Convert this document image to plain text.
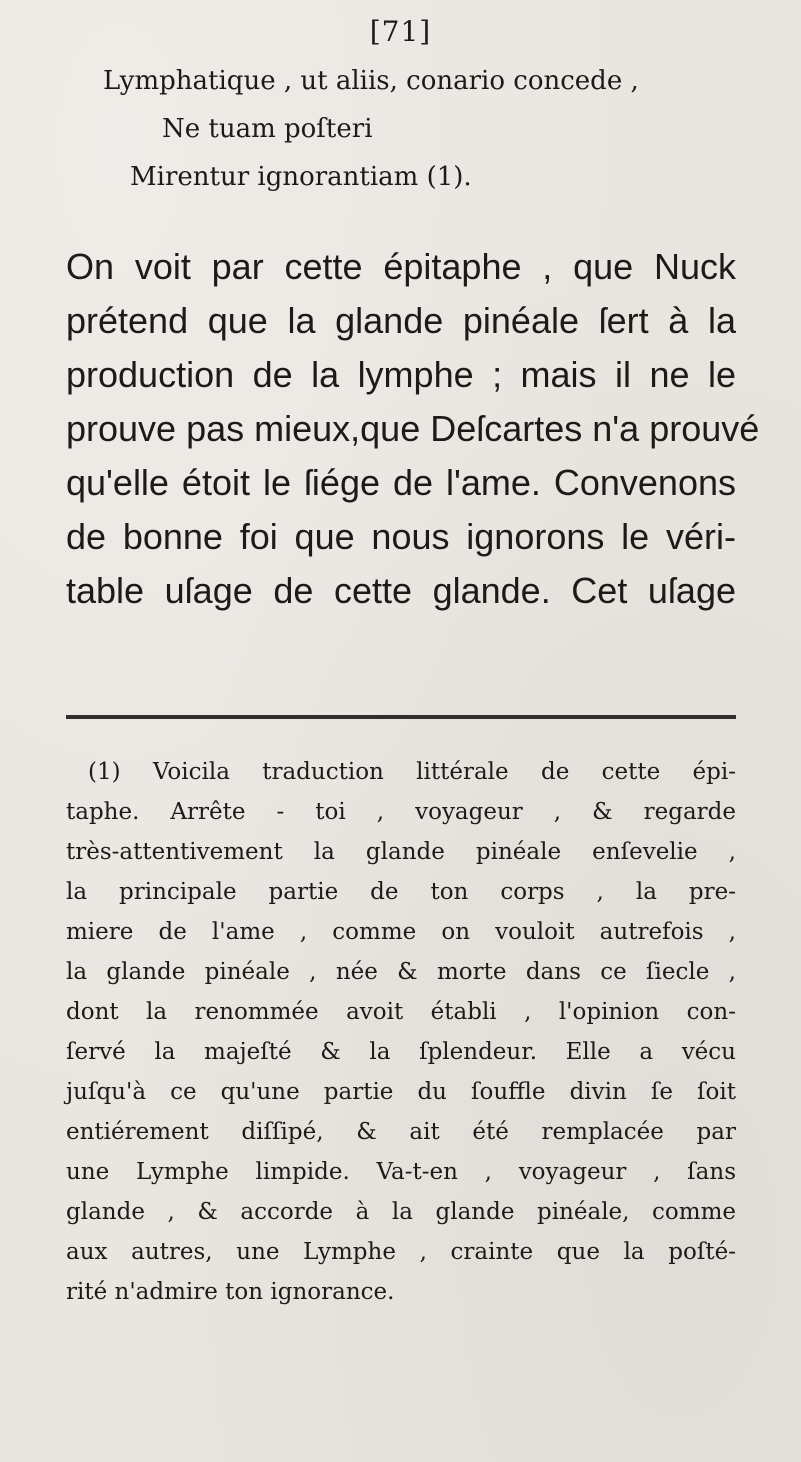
[71]
Lymphatique , ut aliis, conario concede ,
Ne tuam poſteri
Mirentur ignorantiam (1).
On voit par cette épitaphe , que Nuck
prétend que la glande pinéale ſert à la
production de la lymphe ; mais il ne le
prouve pas mieux,que Deſcartes n'a prouvé
qu'elle étoit le ſiége de l'ame. Convenons
de bonne foi que nous ignorons le véri-
table uſage de cette glande. Cet uſage
(1) Voicila traduction littérale de cette épi-
taphe. Arrête - toi , voyageur , & regarde
très-attentivement la glande pinéale enſevelie ,
la principale partie de ton corps , la pre-
miere de l'ame , comme on vouloit autrefois ,
la glande pinéale , née & morte dans ce ſiecle ,
dont la renommée avoit établi , l'opinion con-
ſervé la majeſté & la ſplendeur. Elle a vécu
juſqu'à ce qu'une partie du ſouffle divin ſe ſoit
entiérement diſſipé, & ait été remplacée par
une Lymphe limpide. Va-t-en , voyageur , ſans
glande , & accorde à la glande pinéale, comme
aux autres, une Lymphe , crainte que la poſté-
rité n'admire ton ignorance.
